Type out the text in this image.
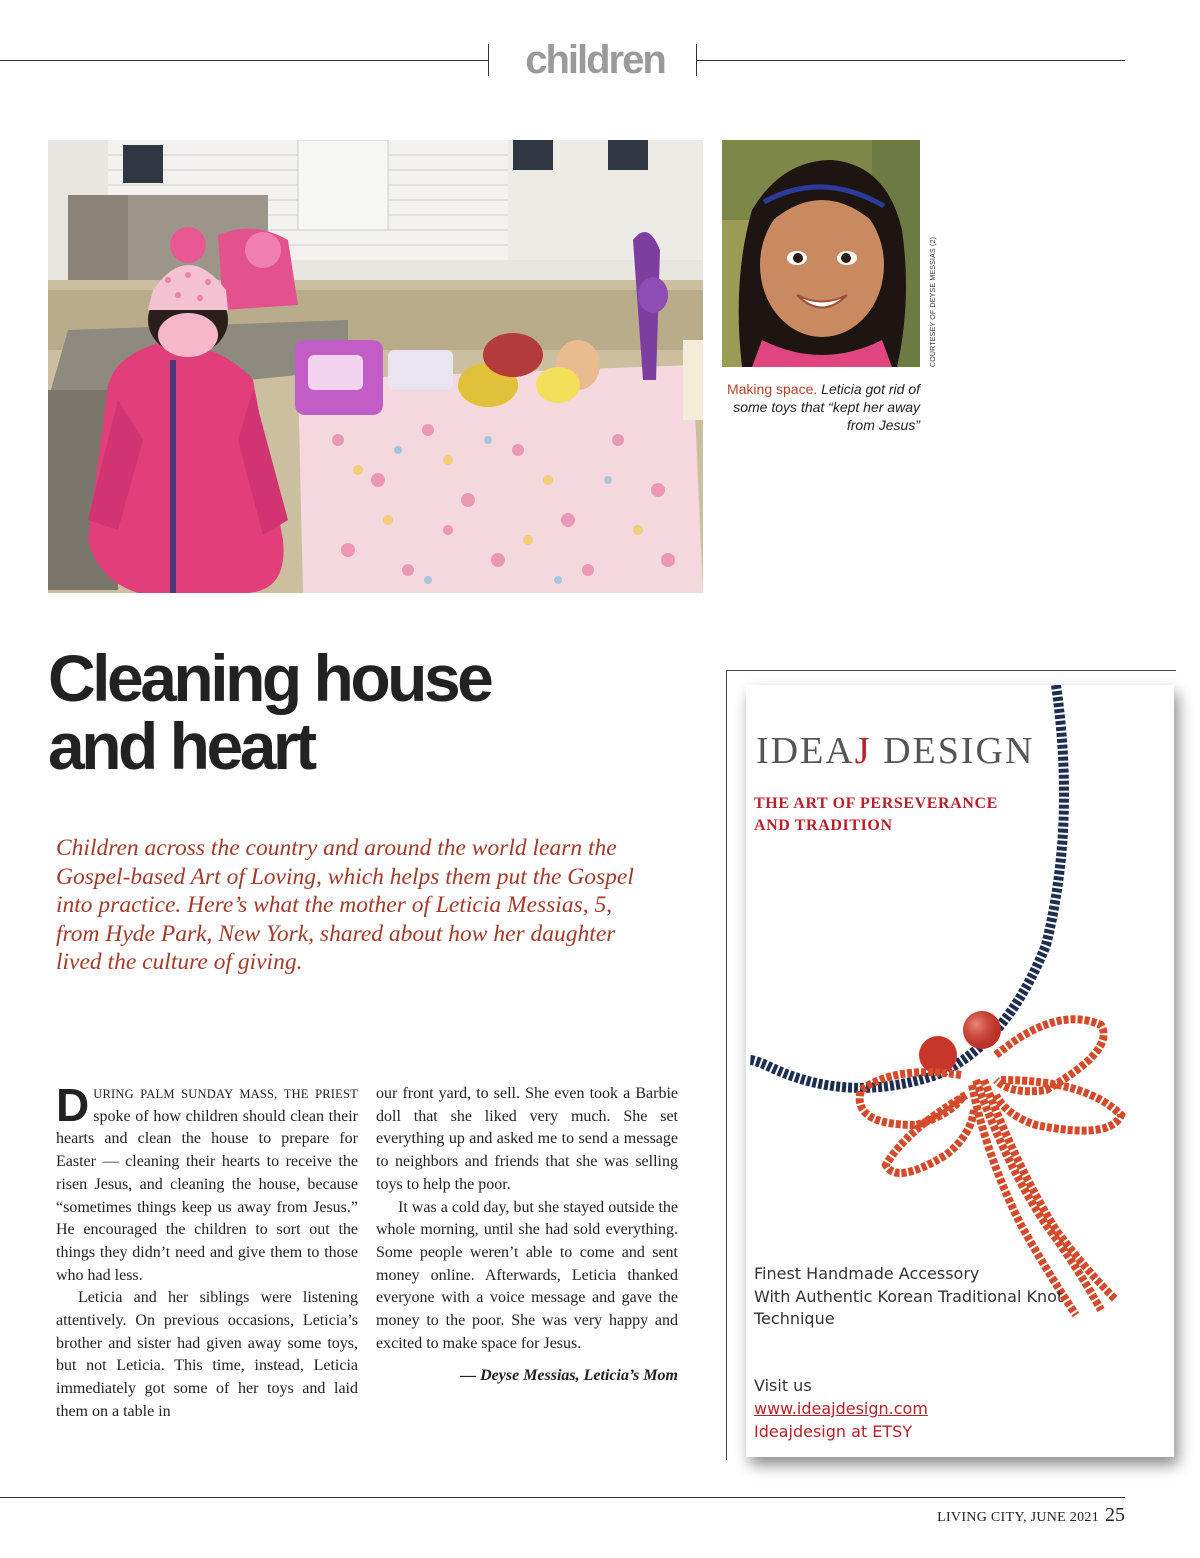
children
COURTESEY OF DEYSE MESSIAS (2)
Making space. Leticia got rid of some toys that “kept her away from Jesus”
Cleaning house
and heart
Children across the country and around the world learn the Gospel-based Art of Loving, which helps them put the Gospel into practice. Here’s what the mother of Leticia Messias, 5, from Hyde Park, New York, shared about how her daughter lived the culture of giving.

DURING PALM SUNDAY MASS, THE PRIEST spoke of how children should clean their hearts and clean the house to prepare for Easter — cleaning their hearts to receive the risen Jesus, and cleaning the house, because “sometimes things keep us away from Jesus.” He encouraged the children to sort out the things they didn’t need and give them to those who had less.

Leticia and her siblings were listening attentively. On previous occasions, Leticia’s brother and sister had given away some toys, but not Leticia. This time, instead, Leticia immediately got some of her toys and laid them on a table in

our front yard, to sell. She even took a Barbie doll that she liked very much. She set everything up and asked me to send a message to neighbors and friends that she was selling toys to help the poor.

It was a cold day, but she stayed outside the whole morning, until she had sold everything. Some people weren’t able to come and sent money online. Afterwards, Leticia thanked everyone with a voice message and gave the money to the poor. She was very happy and excited to make space for Jesus.

— Deyse Messias, Leticia’s Mom

IDEAJ DESIGN
THE ART OF PERSEVERANCE
AND TRADITION
Finest Handmade Accessory
With Authentic Korean Traditional Knot
Technique
Visit us
www.ideajdesign.com
Ideajdesign at ETSY
LIVING CITY, JUNE 2021 25
